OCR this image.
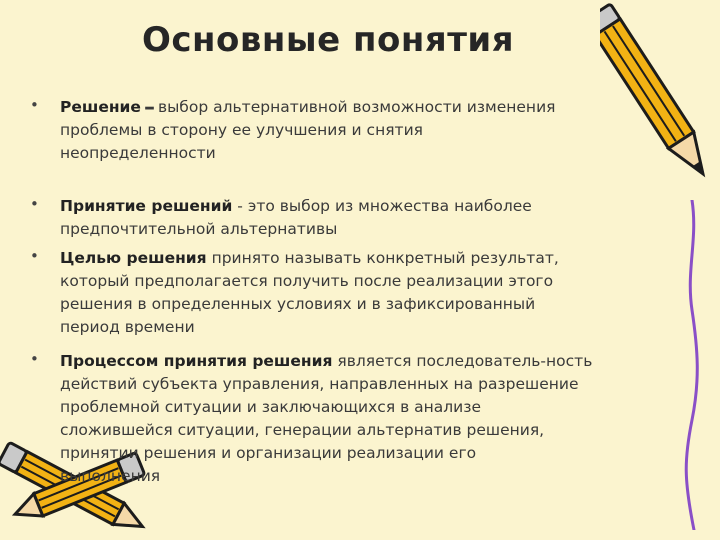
Основные понятия
• Решение – выбор альтернативной возможности изменения
проблемы в сторону ее улучшения и снятия
неопределенности
• Принятие решений - это выбор из множества наиболее
предпочтительной альтернативы
• Целью решения принято называть конкретный результат,
который предполагается получить после реализации этого
решения в определенных условиях и в зафиксированный
период времени
• Процессом принятия решения является последователь-ность
действий субъекта управления, направленных на разрешение
проблемной ситуации и заключающихся в анализе
сложившейся ситуации, генерации альтернатив решения,
принятии решения и организации реализации его
выполнения
